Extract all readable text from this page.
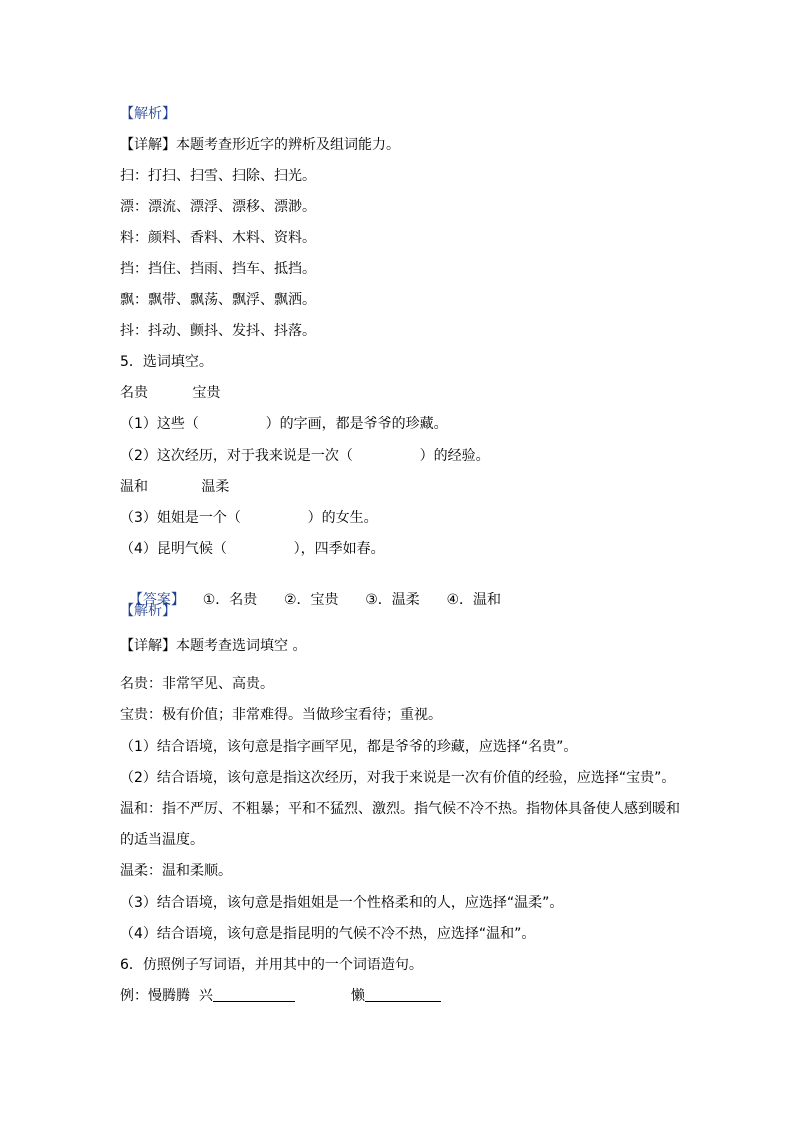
【解析】
【详解】本题考查形近字的辨析及组词能力。
扫：打扫、扫雪、扫除、扫光。
漂：漂流、漂浮、漂移、漂渺。
料：颜料、香料、木料、资料。
挡：挡住、挡雨、挡车、抵挡。
飘：飘带、飘荡、飘浮、飘洒。
抖：抖动、颤抖、发抖、抖落。
5．选词填空。
名贵          宝贵
（1）这些（               ）的字画，都是爷爷的珍藏。
（2）这次经历，对于我来说是一次（               ）的经验。
温和            温柔
（3）姐姐是一个（               ）的女生。
（4）昆明气候（               ），四季如春。

【答案】    ①．名贵      ②．宝贵      ③．温柔      ④．温和

【解析】
【详解】本题考查选词填空 。
名贵：非常罕见、高贵。
宝贵：极有价值；非常难得。当做珍宝看待；重视。
（1）结合语境，该句意是指字画罕见，都是爷爷的珍藏，应选择“名贵”。
（2）结合语境，该句意是指这次经历，对我于来说是一次有价值的经验，应选择“宝贵”。
温和：指不严厉、不粗暴；平和不猛烈、激烈。指气候不冷不热。指物体具备使人感到暖和
的适当温度。
温柔：温和柔顺。
（3）结合语境，该句意是指姐姐是一个性格柔和的人，应选择“温柔”。
（4）结合语境，该句意是指昆明的气候不冷不热，应选择“温和”。
6．仿照例子写词语，并用其中的一个词语造句。
例：慢腾腾  兴	懒
